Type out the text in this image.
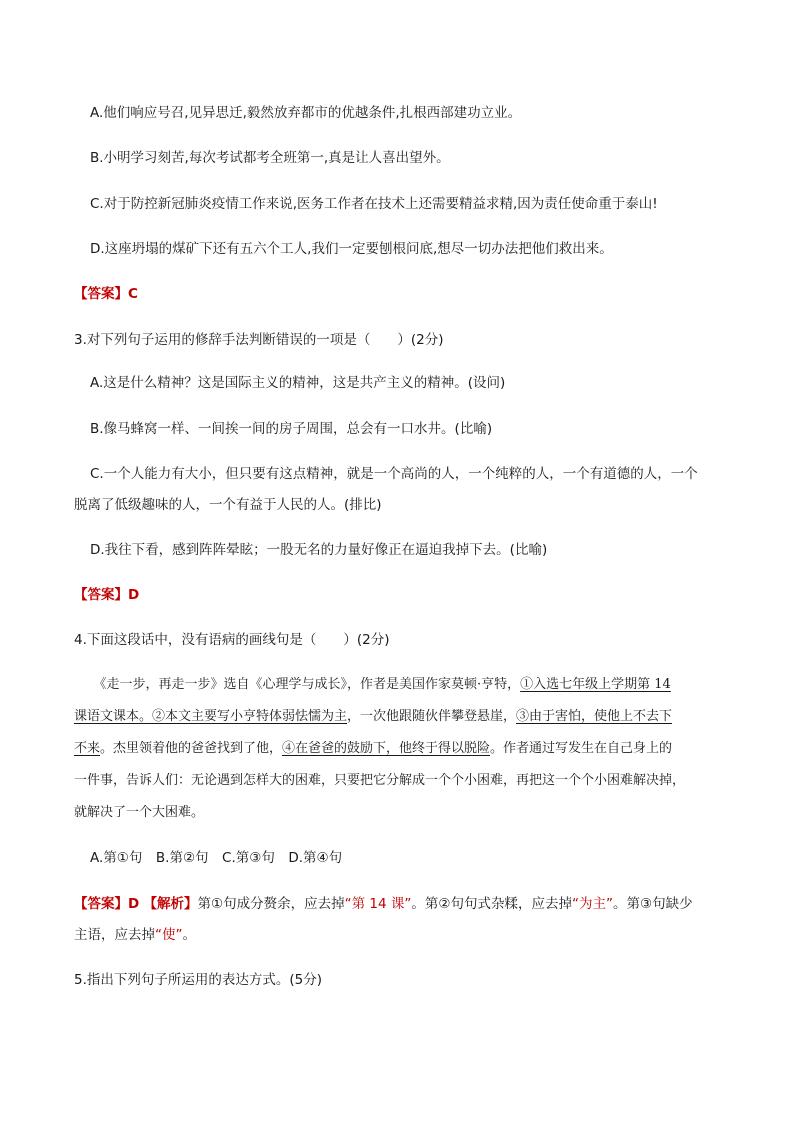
A.他们响应号召,见异思迁,毅然放弃都市的优越条件,扎根西部建功立业。
B.小明学习刻苦,每次考试都考全班第一,真是让人喜出望外。
C.对于防控新冠肺炎疫情工作来说,医务工作者在技术上还需要精益求精,因为责任使命重于泰山!
D.这座坍塌的煤矿下还有五六个工人,我们一定要刨根问底,想尽一切办法把他们救出来。
【答案】C
3.对下列句子运用的修辞手法判断错误的一项是（　　）(2分)
A.这是什么精神？这是国际主义的精神，这是共产主义的精神。(设问)
B.像马蜂窝一样、一间挨一间的房子周围，总会有一口水井。(比喻)
C.一个人能力有大小，但只要有这点精神，就是一个高尚的人，一个纯粹的人，一个有道德的人，一个
脱离了低级趣味的人，一个有益于人民的人。(排比)
D.我往下看，感到阵阵晕眩；一股无名的力量好像正在逼迫我掉下去。(比喻)
【答案】D
4.下面这段话中，没有语病的画线句是（　　）(2分)
　　《走一步，再走一步》选自《心理学与成长》，作者是美国作家莫顿·亨特，①入选七年级上学期第 14
课语文课本。②本文主要写小亨特体弱怯懦为主，一次他跟随伙伴攀登悬崖，③由于害怕，使他上不去下
不来。杰里领着他的爸爸找到了他，④在爸爸的鼓励下，他终于得以脱险。作者通过写发生在自己身上的
一件事，告诉人们：无论遇到怎样大的困难，只要把它分解成一个个小困难，再把这一个个小困难解决掉，
就解决了一个大困难。
A.第①句　B.第②句　C.第③句　D.第④句
【答案】D 【解析】第①句成分赘余，应去掉“第 14 课”。第②句句式杂糅，应去掉“为主”。第③句缺少
主语，应去掉“使”。
5.指出下列句子所运用的表达方式。(5分)
